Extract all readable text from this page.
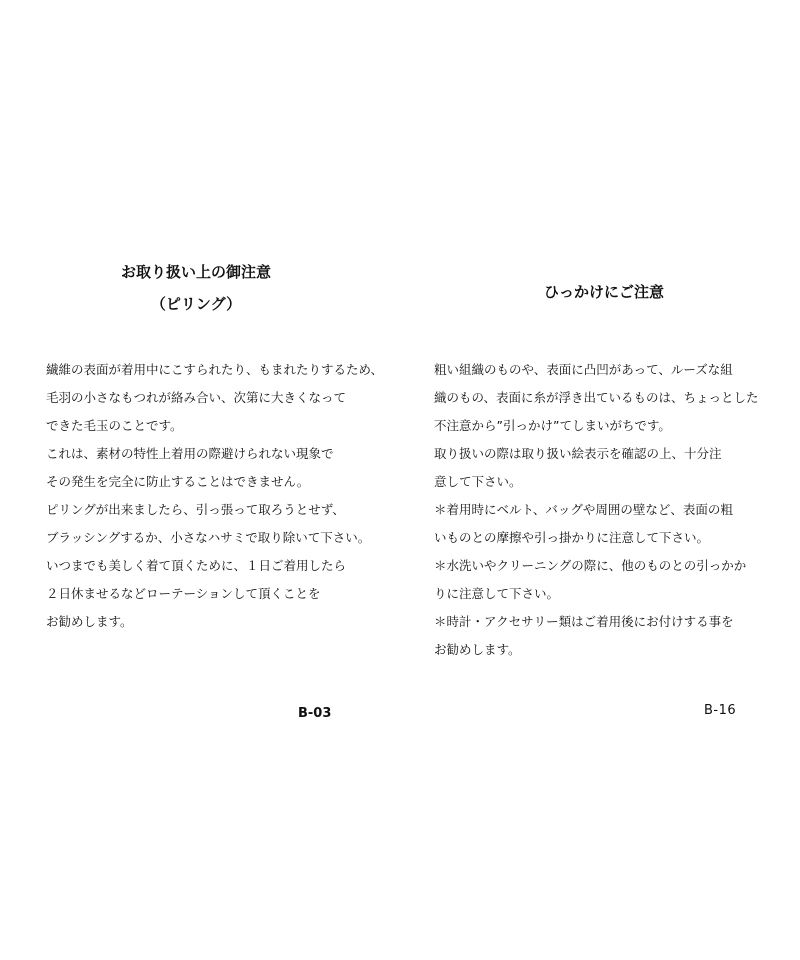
お取り扱い上の御注意

（ピリング）

繊維の表面が着用中にこすられたり、もまれたりするため、
毛羽の小さなもつれが絡み合い、次第に大きくなって
できた毛玉のことです。
これは、素材の特性上着用の際避けられない現象で
その発生を完全に防止することはできません。
ピリングが出来ましたら、引っ張って取ろうとせず、
ブラッシングするか、小さなハサミで取り除いて下さい。
いつまでも美しく着て頂くために、１日ご着用したら
２日休ませるなどローテーションして頂くことを
お勧めします。

ひっかけにご注意

粗い組織のものや、表面に凸凹があって、ルーズな組
織のもの、表面に糸が浮き出ているものは、ちょっとした
不注意から”引っかけ”てしまいがちです。
取り扱いの際は取り扱い絵表示を確認の上、十分注
意して下さい。
＊着用時にベルト、バッグや周囲の壁など、表面の粗
いものとの摩擦や引っ掛かりに注意して下さい。
＊水洗いやクリーニングの際に、他のものとの引っかか
りに注意して下さい。
＊時計・アクセサリー類はご着用後にお付けする事を
お勧めします。
B-03	B-16
